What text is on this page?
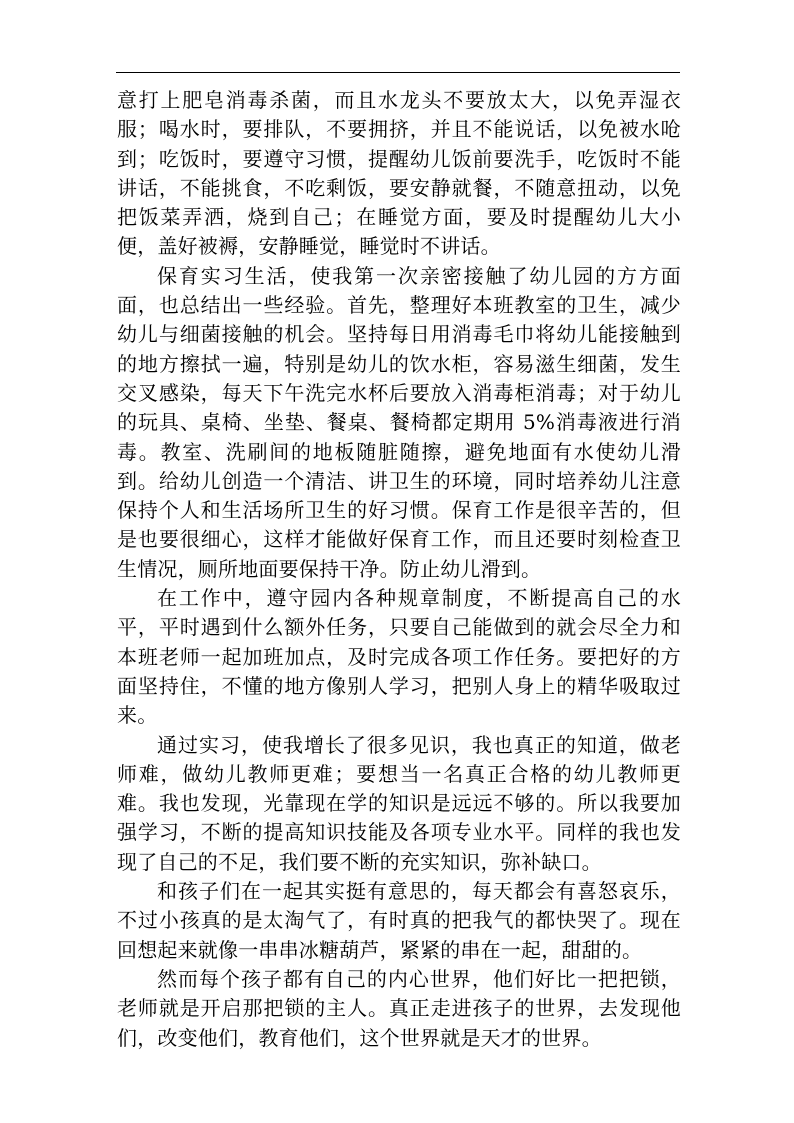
意打上肥皂消毒杀菌，而且水龙头不要放太大，以免弄湿衣服；喝水时，要排队，不要拥挤，并且不能说话，以免被水呛到；吃饭时，要遵守习惯，提醒幼儿饭前要洗手，吃饭时不能讲话，不能挑食，不吃剩饭，要安静就餐，不随意扭动，以免把饭菜弄洒，烧到自己；在睡觉方面，要及时提醒幼儿大小便，盖好被褥，安静睡觉，睡觉时不讲话。

保育实习生活，使我第一次亲密接触了幼儿园的方方面面，也总结出一些经验。首先，整理好本班教室的卫生，减少幼儿与细菌接触的机会。坚持每日用消毒毛巾将幼儿能接触到的地方擦拭一遍，特别是幼儿的饮水柜，容易滋生细菌，发生交叉感染，每天下午洗完水杯后要放入消毒柜消毒；对于幼儿的玩具、桌椅、坐垫、餐桌、餐椅都定期用 5%消毒液进行消毒。教室、洗刷间的地板随脏随擦，避免地面有水使幼儿滑到。给幼儿创造一个清洁、讲卫生的环境，同时培养幼儿注意保持个人和生活场所卫生的好习惯。保育工作是很辛苦的，但是也要很细心，这样才能做好保育工作，而且还要时刻检查卫生情况，厕所地面要保持干净。防止幼儿滑到。

在工作中，遵守园内各种规章制度，不断提高自己的水平，平时遇到什么额外任务，只要自己能做到的就会尽全力和本班老师一起加班加点，及时完成各项工作任务。要把好的方面坚持住，不懂的地方像别人学习，把别人身上的精华吸取过来。

通过实习，使我增长了很多见识，我也真正的知道，做老师难，做幼儿教师更难；要想当一名真正合格的幼儿教师更难。我也发现，光靠现在学的知识是远远不够的。所以我要加强学习，不断的提高知识技能及各项专业水平。同样的我也发现了自己的不足，我们要不断的充实知识，弥补缺口。

和孩子们在一起其实挺有意思的，每天都会有喜怒哀乐，不过小孩真的是太淘气了，有时真的把我气的都快哭了。现在回想起来就像一串串冰糖葫芦，紧紧的串在一起，甜甜的。

然而每个孩子都有自己的内心世界，他们好比一把把锁，老师就是开启那把锁的主人。真正走进孩子的世界，去发现他们，改变他们，教育他们，这个世界就是天才的世界。
